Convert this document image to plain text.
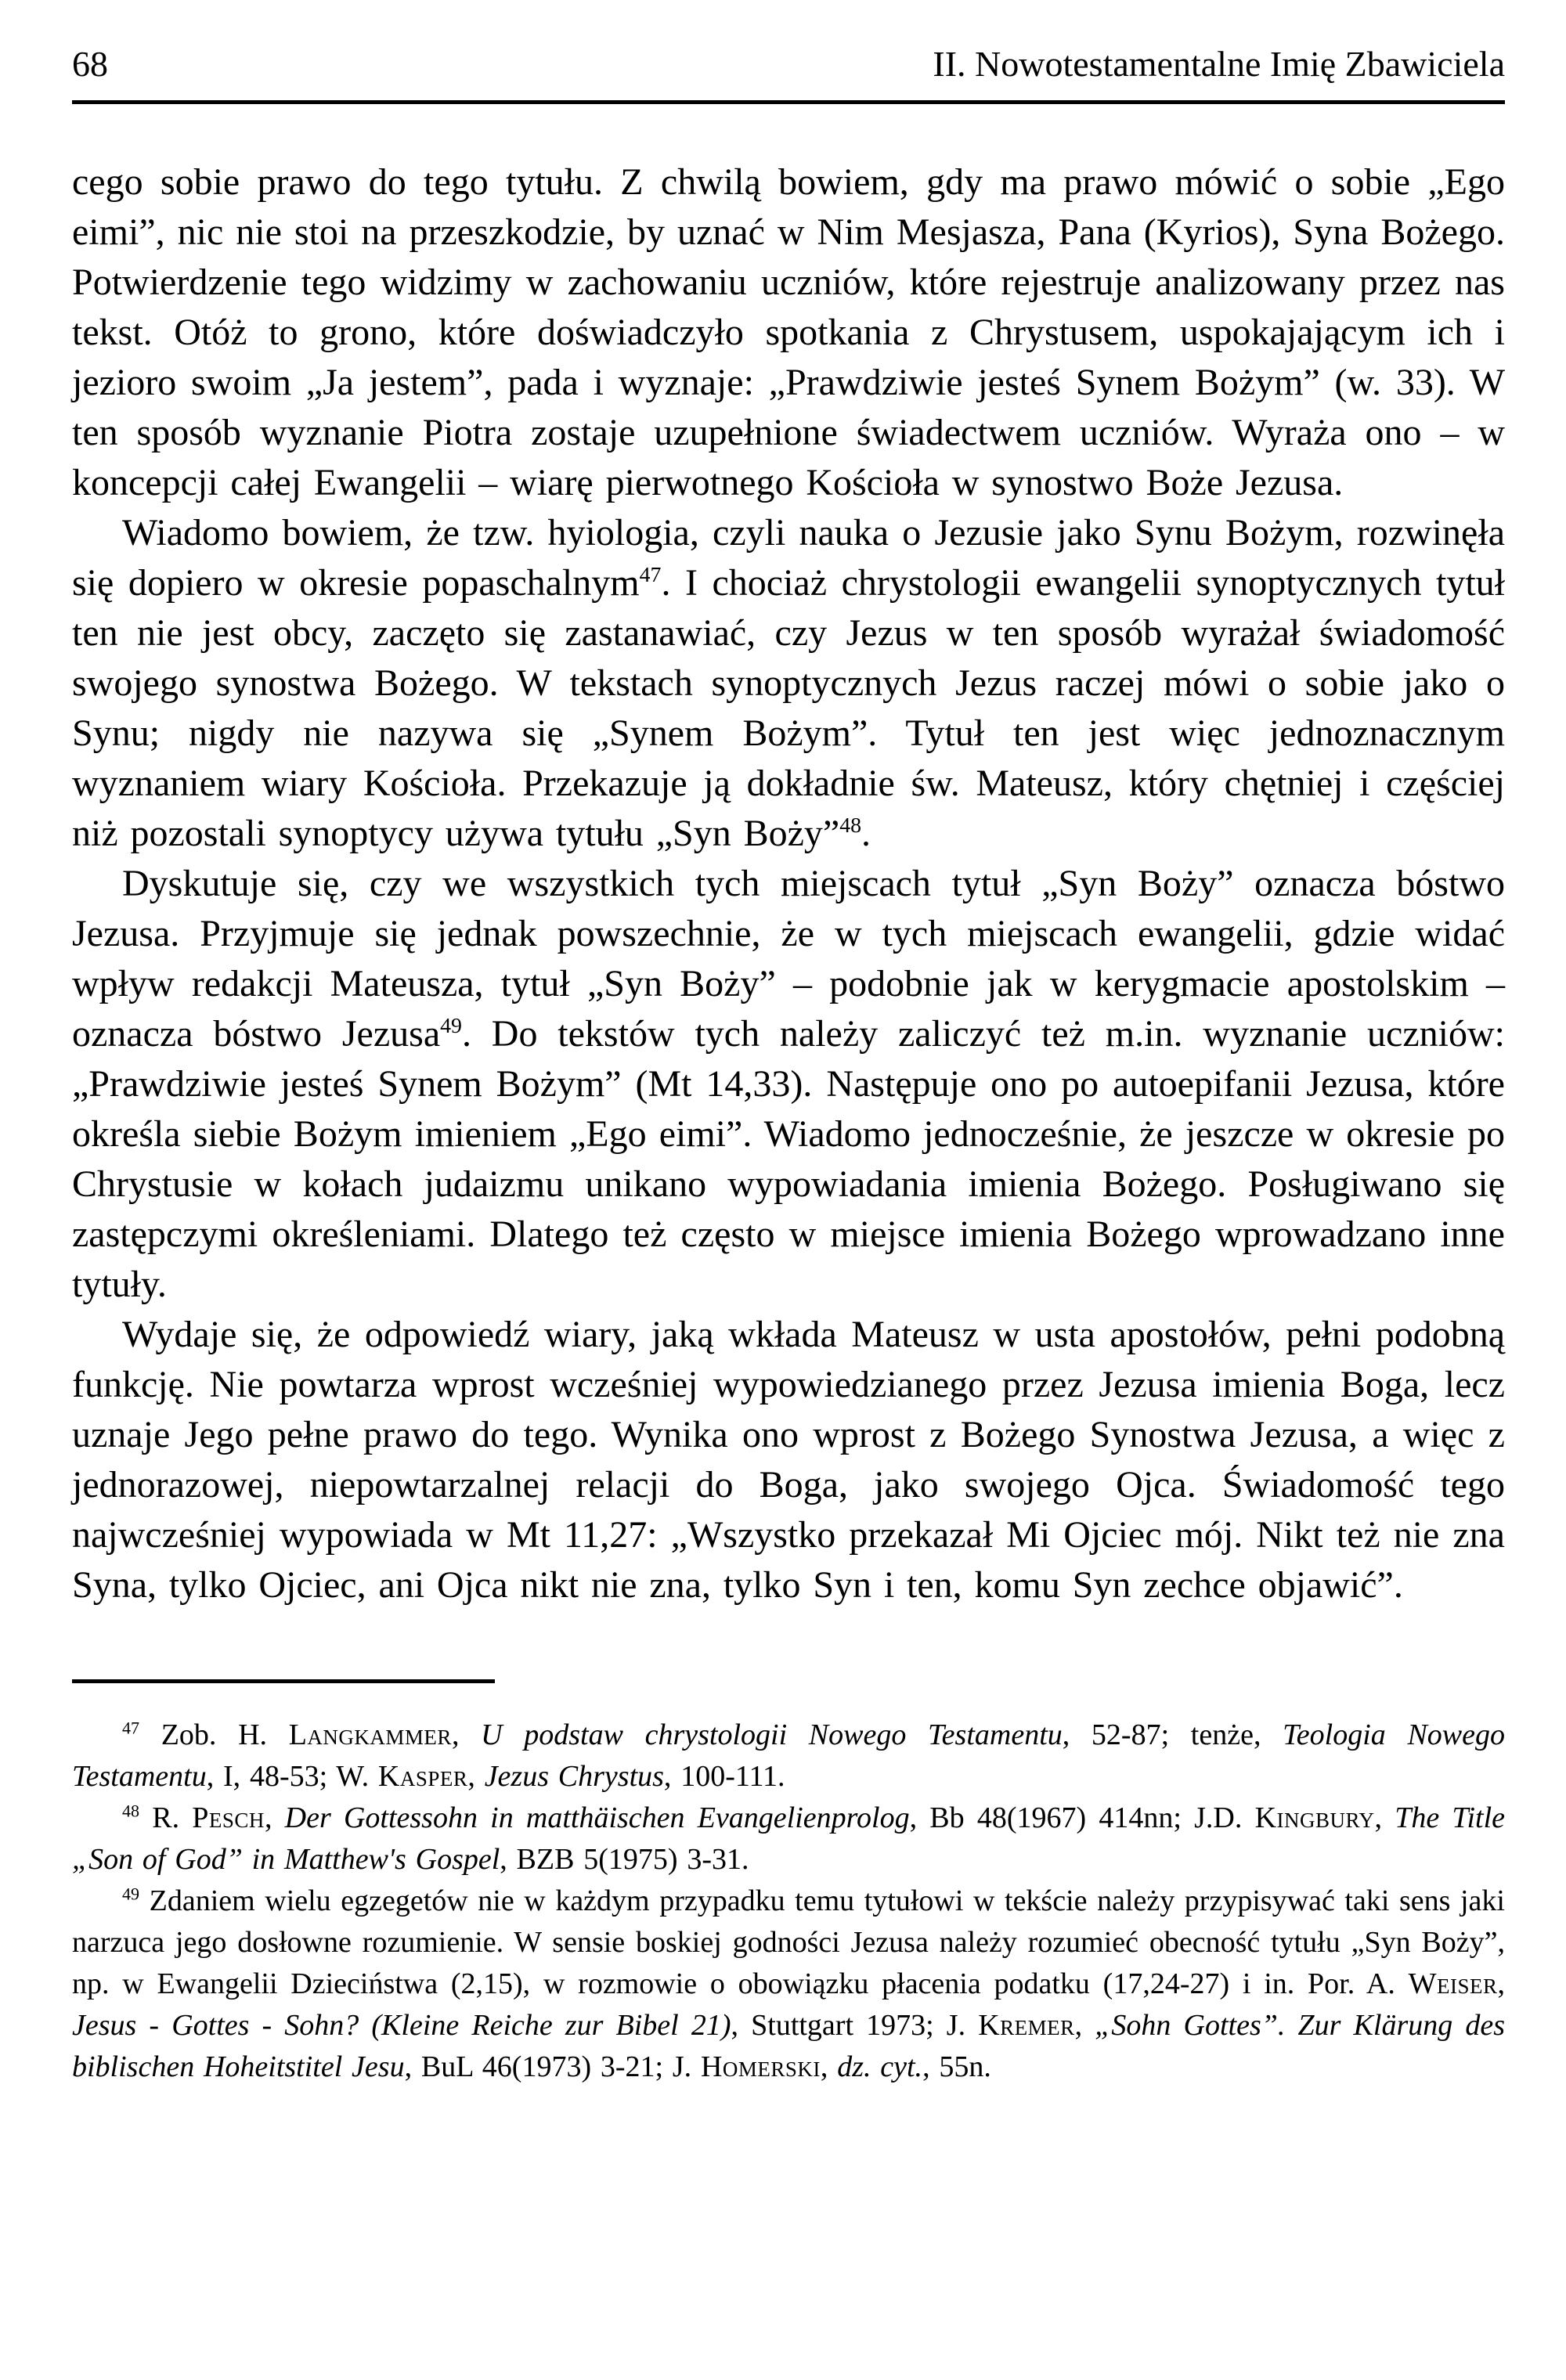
68	II. Nowotestamentalne Imię Zbawiciela

cego sobie prawo do tego tytułu. Z chwilą bowiem, gdy ma prawo mówić o sobie „Ego eimi”, nic nie stoi na przeszkodzie, by uznać w Nim Mesjasza, Pana (Kyrios), Syna Bożego. Potwierdzenie tego widzimy w zachowaniu uczniów, które rejestruje analizowany przez nas tekst. Otóż to grono, które doświadczyło spotkania z Chrystusem, uspokajającym ich i jezioro swoim „Ja jestem”, pada i wyznaje: „Prawdziwie jesteś Synem Bożym” (w. 33). W ten sposób wyznanie Piotra zostaje uzupełnione świadectwem uczniów. Wyraża ono – w koncepcji całej Ewangelii – wiarę pierwotnego Kościoła w synostwo Boże Jezusa.

Wiadomo bowiem, że tzw. hyiologia, czyli nauka o Jezusie jako Synu Bożym, rozwinęła się dopiero w okresie popaschalnym$^{47}$. I chociaż chrystologii ewangelii synoptycznych tytuł ten nie jest obcy, zaczęto się zastanawiać, czy Jezus w ten sposób wyrażał świadomość swojego synostwa Bożego. W tekstach synoptycznych Jezus raczej mówi o sobie jako o Synu; nigdy nie nazywa się „Synem Bożym”. Tytuł ten jest więc jednoznacznym wyznaniem wiary Kościoła. Przekazuje ją dokładnie św. Mateusz, który chętniej i częściej niż pozostali synoptycy używa tytułu „Syn Boży”$^{48}$.

Dyskutuje się, czy we wszystkich tych miejscach tytuł „Syn Boży” oznacza bóstwo Jezusa. Przyjmuje się jednak powszechnie, że w tych miejscach ewangelii, gdzie widać wpływ redakcji Mateusza, tytuł „Syn Boży” – podobnie jak w kerygmacie apostolskim – oznacza bóstwo Jezusa$^{49}$. Do tekstów tych należy zaliczyć też m.in. wyznanie uczniów: „Prawdziwie jesteś Synem Bożym” (Mt 14,33). Następuje ono po autoepifanii Jezusa, które określa siebie Bożym imieniem „Ego eimi”. Wiadomo jednocześnie, że jeszcze w okresie po Chrystusie w kołach judaizmu unikano wypowiadania imienia Bożego. Posługiwano się zastępczymi określeniami. Dlatego też często w miejsce imienia Bożego wprowadzano inne tytuły.

Wydaje się, że odpowiedź wiary, jaką wkłada Mateusz w usta apostołów, pełni podobną funkcję. Nie powtarza wprost wcześniej wypowiedzianego przez Jezusa imienia Boga, lecz uznaje Jego pełne prawo do tego. Wynika ono wprost z Bożego Synostwa Jezusa, a więc z jednorazowej, niepowtarzalnej relacji do Boga, jako swojego Ojca. Świadomość tego najwcześniej wypowiada w Mt 11,27: „Wszystko przekazał Mi Ojciec mój. Nikt też nie zna Syna, tylko Ojciec, ani Ojca nikt nie zna, tylko Syn i ten, komu Syn zechce objawić”.

$^{47}$ Zob. H. Langkammer, U podstaw chrystologii Nowego Testamentu, 52-87; tenże, Teologia Nowego Testamentu, I, 48-53; W. Kasper, Jezus Chrystus, 100-111.

$^{48}$ R. Pesch, Der Gottessohn in matthäischen Evangelienprolog, Bb 48(1967) 414nn; J.D. Kingbury, The Title „Son of God” in Matthew's Gospel, BZB 5(1975) 3-31.

$^{49}$ Zdaniem wielu egzegetów nie w każdym przypadku temu tytułowi w tekście należy przypisywać taki sens jaki narzuca jego dosłowne rozumienie. W sensie boskiej godności Jezusa należy rozumieć obecność tytułu „Syn Boży”, np. w Ewangelii Dzieciństwa (2,15), w rozmowie o obowiązku płacenia podatku (17,24-27) i in. Por. A. Weiser, Jesus - Gottes - Sohn? (Kleine Reiche zur Bibel 21), Stuttgart 1973; J. Kremer, „Sohn Gottes”. Zur Klärung des biblischen Hoheitstitel Jesu, BuL 46(1973) 3-21; J. Homerski, dz. cyt., 55n.
